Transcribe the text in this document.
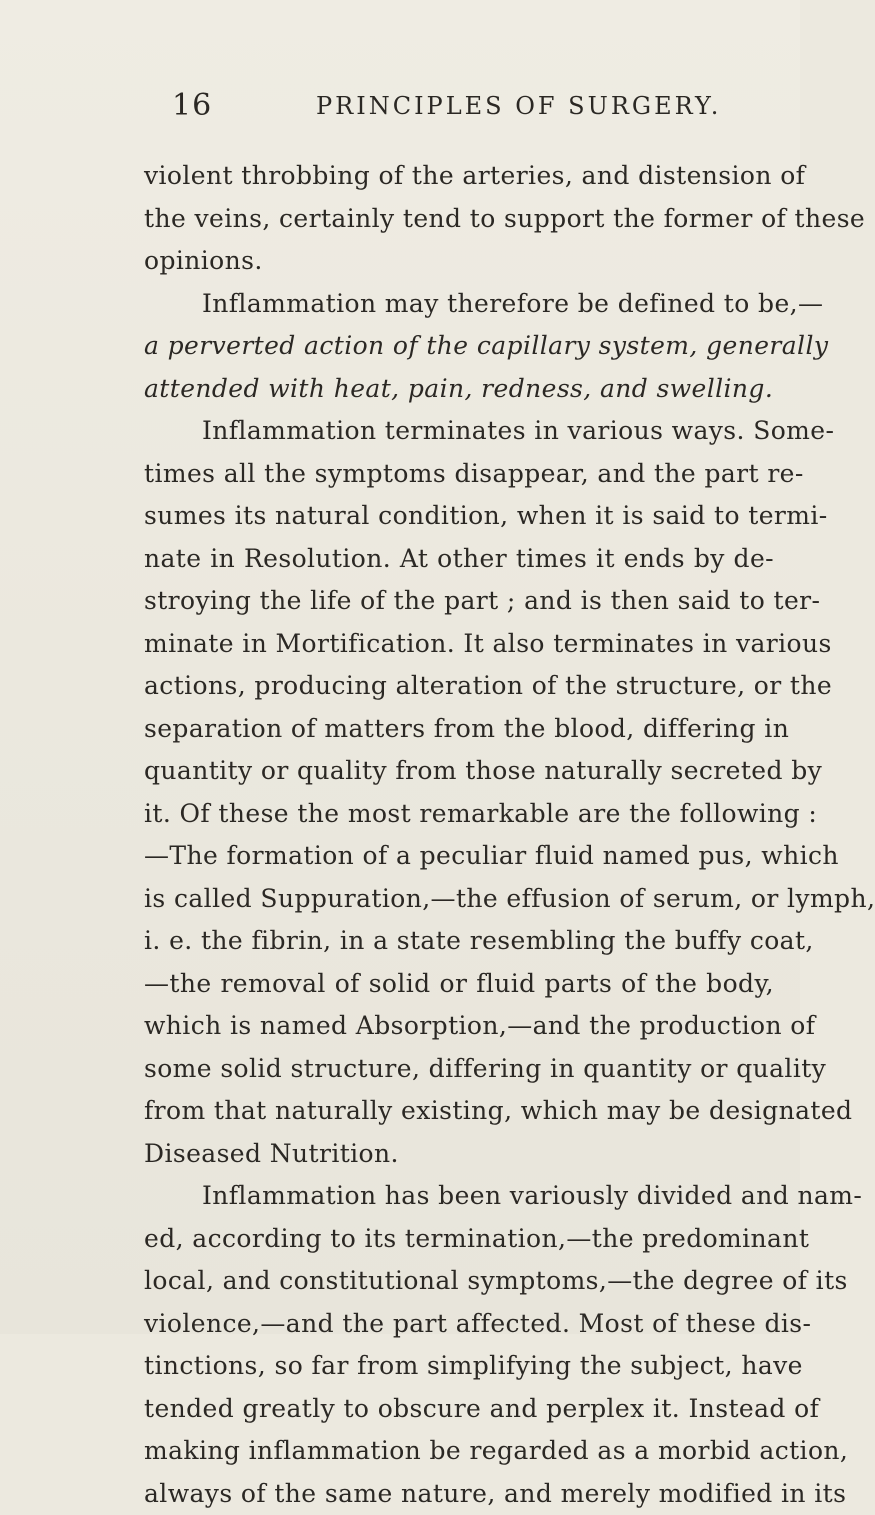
16	PRINCIPLES OF SURGERY.
violent throbbing of the arteries, and distension of
the veins, certainly tend to support the former of these
opinions.
Inflammation may therefore be defined to be,—
a perverted action of the capillary system, generally
attended with heat, pain, redness, and swelling.
Inflammation terminates in various ways. Some-
times all the symptoms disappear, and the part re-
sumes its natural condition, when it is said to termi-
nate in Resolution. At other times it ends by de-
stroying the life of the part ; and is then said to ter-
minate in Mortification. It also terminates in various
actions, producing alteration of the structure, or the
separation of matters from the blood, differing in
quantity or quality from those naturally secreted by
it. Of these the most remarkable are the following :
—The formation of a peculiar fluid named pus, which
is called Suppuration,—the effusion of serum, or lymph,
i. e. the fibrin, in a state resembling the buffy coat,
—the removal of solid or fluid parts of the body,
which is named Absorption,—and the production of
some solid structure, differing in quantity or quality
from that naturally existing, which may be designated
Diseased Nutrition.
Inflammation has been variously divided and nam-
ed, according to its termination,—the predominant
local, and constitutional symptoms,—the degree of its
violence,—and the part affected. Most of these dis-
tinctions, so far from simplifying the subject, have
tended greatly to obscure and perplex it. Instead of
making inflammation be regarded as a morbid action,
always of the same nature, and merely modified in its
